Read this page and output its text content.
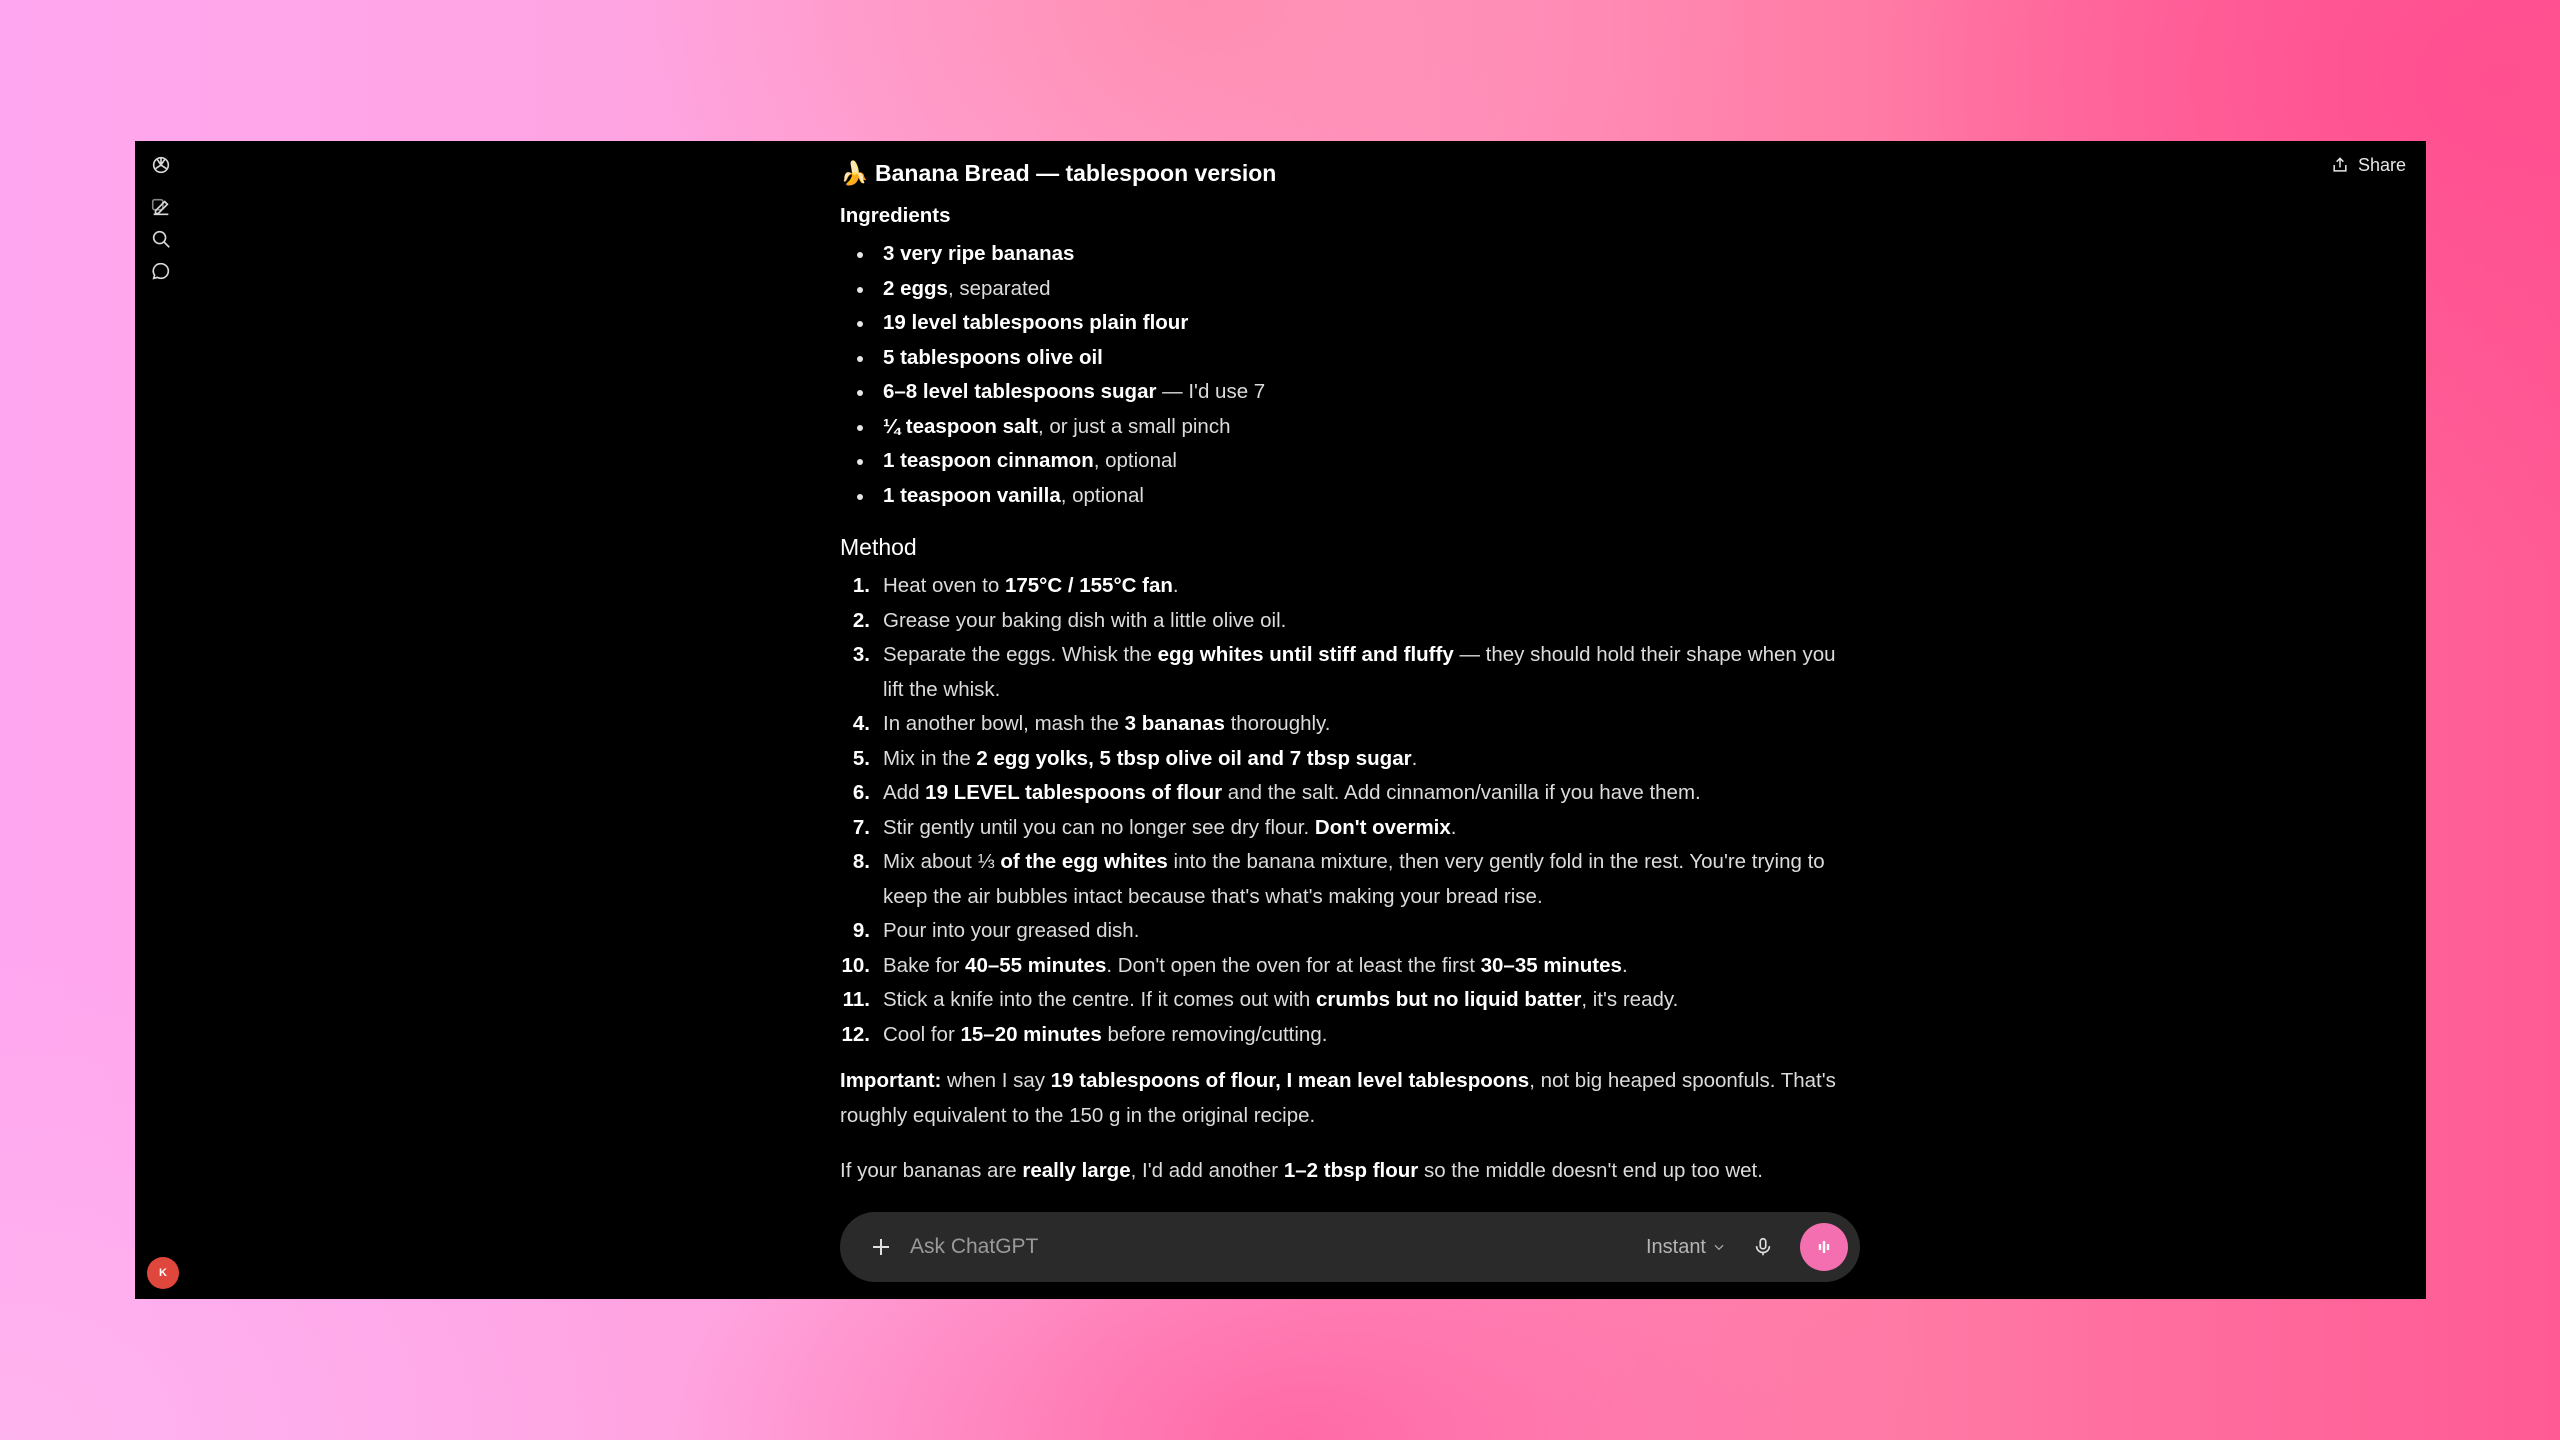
K
Share
🍌 Banana Bread — tablespoon version
Ingredients
3 very ripe bananas
2 eggs, separated
19 level tablespoons plain flour
5 tablespoons olive oil
6–8 level tablespoons sugar — I'd use 7
¼ teaspoon salt, or just a small pinch
1 teaspoon cinnamon, optional
1 teaspoon vanilla, optional
Method
1. Heat oven to 175°C / 155°C fan.
2. Grease your baking dish with a little olive oil.
3. Separate the eggs. Whisk the egg whites until stiff and fluffy — they should hold their shape when you lift the whisk.
4. In another bowl, mash the 3 bananas thoroughly.
5. Mix in the 2 egg yolks, 5 tbsp olive oil and 7 tbsp sugar.
6. Add 19 LEVEL tablespoons of flour and the salt. Add cinnamon/vanilla if you have them.
7. Stir gently until you can no longer see dry flour. Don't overmix.
8. Mix about ⅓ of the egg whites into the banana mixture, then very gently fold in the rest. You're trying to keep the air bubbles intact because that's what's making your bread rise.
9. Pour into your greased dish.
10. Bake for 40–55 minutes. Don't open the oven for at least the first 30–35 minutes.
11. Stick a knife into the centre. If it comes out with crumbs but no liquid batter, it's ready.
12. Cool for 15–20 minutes before removing/cutting.
Important: when I say 19 tablespoons of flour, I mean level tablespoons, not big heaped spoonfuls. That's roughly equivalent to the 150 g in the original recipe.
If your bananas are really large, I'd add another 1–2 tbsp flour so the middle doesn't end up too wet.
Ask ChatGPT
Instant
